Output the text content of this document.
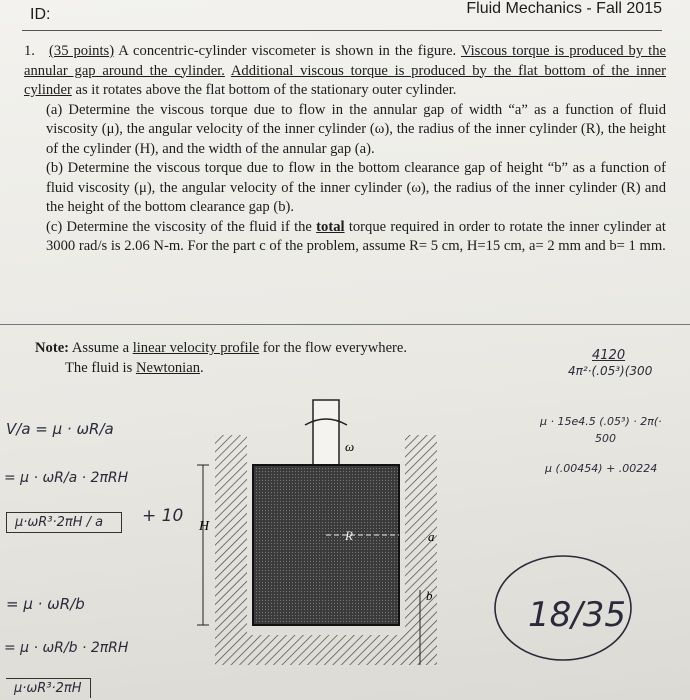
ID:	Fluid Mechanics - Fall 2015

1. (35 points) A concentric-cylinder viscometer is shown in the figure. Viscous torque is produced by the annular gap around the cylinder. Additional viscous torque is produced by the flat bottom of the inner cylinder as it rotates above the flat bottom of the stationary outer cylinder.

(a) Determine the viscous torque due to flow in the annular gap of width “a” as a function of fluid viscosity (μ), the angular velocity of the inner cylinder (ω), the radius of the inner cylinder (R), the height of the cylinder (H), and the width of the annular gap (a).

(b) Determine the viscous torque due to flow in the bottom clearance gap of height “b” as a function of fluid viscosity (μ), the angular velocity of the inner cylinder (ω), the radius of the inner cylinder (R) and the height of the bottom clearance gap (b).

(c) Determine the viscosity of the fluid if the total torque required in order to rotate the inner cylinder at 3000 rad/s is 2.06 N-m. For the part c of the problem, assume R= 5 cm, H=15 cm, a= 2 mm and b= 1 mm.

Note: Assume a linear velocity profile for the flow everywhere.
The fluid is Newtonian.
V/a = μ · ωR/a
= μ · ωR/a · 2πRH
μ·ωR³·2πH / a	+ 10
= μ · ωR/b
= μ · ωR/b · 2πRH
μ·ωR³·2πH
4120
4π²·(.05³)(300
μ · 15e4.5 (.05³) · 2π(·
500
μ (.00454) + .00224
H
R	a
b
ω
18/35
